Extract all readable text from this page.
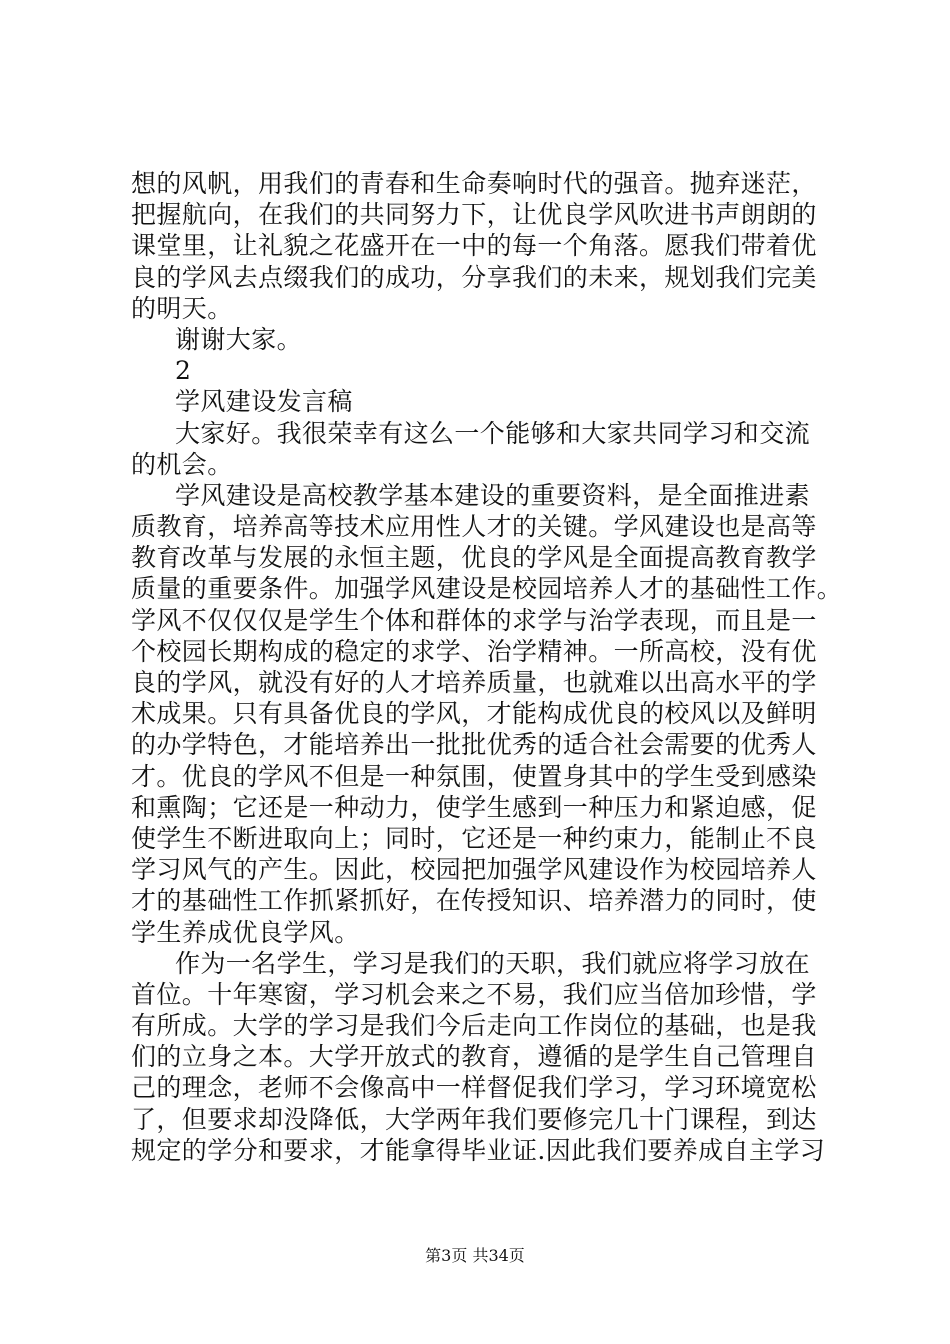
想的风帆，用我们的青春和生命奏响时代的强音。抛弃迷茫，
把握航向，在我们的共同努力下，让优良学风吹进书声朗朗的
课堂里，让礼貌之花盛开在一中的每一个角落。愿我们带着优
良的学风去点缀我们的成功，分享我们的未来，规划我们完美
的明天。
谢谢大家。
2
学风建设发言稿
大家好。我很荣幸有这么一个能够和大家共同学习和交流
的机会。
学风建设是高校教学基本建设的重要资料，是全面推进素
质教育，培养高等技术应用性人才的关键。学风建设也是高等
教育改革与发展的永恒主题，优良的学风是全面提高教育教学
质量的重要条件。加强学风建设是校园培养人才的基础性工作。
学风不仅仅仅是学生个体和群体的求学与治学表现，而且是一
个校园长期构成的稳定的求学、治学精神。一所高校，没有优
良的学风，就没有好的人才培养质量，也就难以出高水平的学
术成果。只有具备优良的学风，才能构成优良的校风以及鲜明
的办学特色，才能培养出一批批优秀的适合社会需要的优秀人
才。优良的学风不但是一种氛围，使置身其中的学生受到感染
和熏陶；它还是一种动力，使学生感到一种压力和紧迫感，促
使学生不断进取向上；同时，它还是一种约束力，能制止不良
学习风气的产生。因此，校园把加强学风建设作为校园培养人
才的基础性工作抓紧抓好，在传授知识、培养潜力的同时，使
学生养成优良学风。
作为一名学生，学习是我们的天职，我们就应将学习放在
首位。十年寒窗，学习机会来之不易，我们应当倍加珍惜，学
有所成。大学的学习是我们今后走向工作岗位的基础，也是我
们的立身之本。大学开放式的教育，遵循的是学生自己管理自
己的理念，老师不会像高中一样督促我们学习，学习环境宽松
了，但要求却没降低，大学两年我们要修完几十门课程，到达
规定的学分和要求，才能拿得毕业证.因此我们要养成自主学习
第3页 共34页
